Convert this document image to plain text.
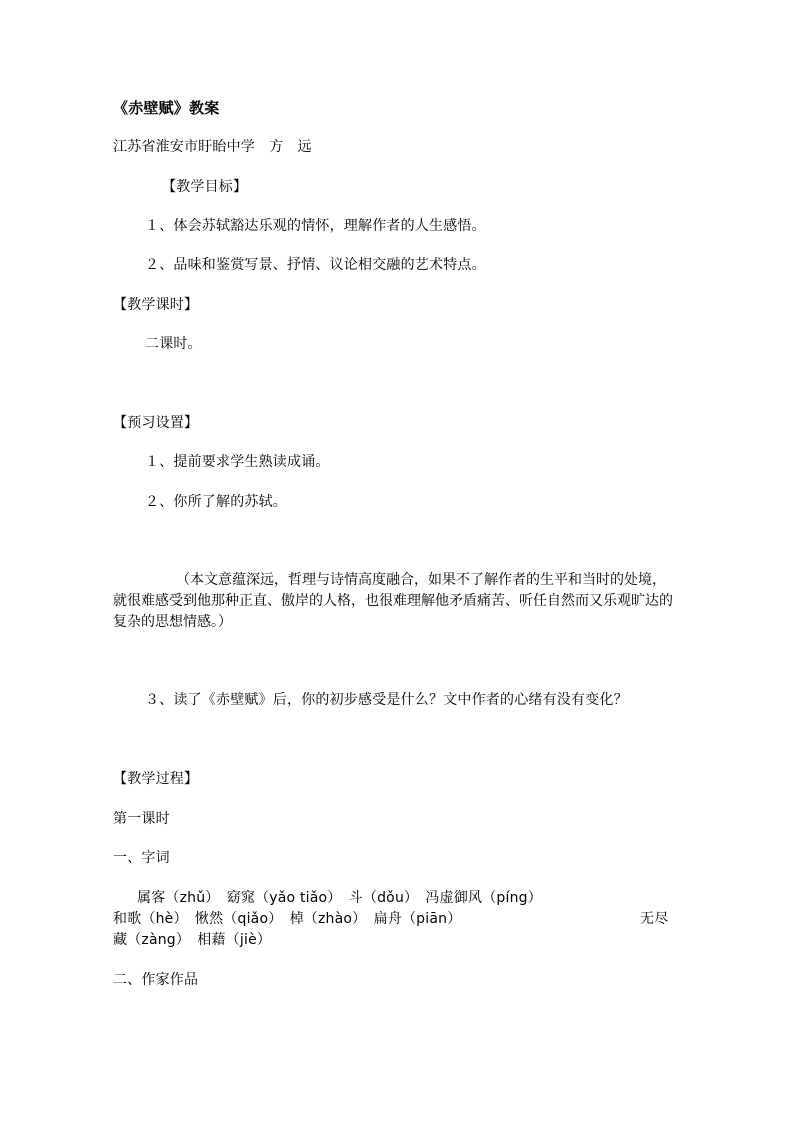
《赤壁赋》教案
江苏省淮安市盱眙中学　方　远
【教学目标】
１、体会苏轼豁达乐观的情怀，理解作者的人生感悟。
２、品味和鉴赏写景、抒情、议论相交融的艺术特点。
【教学课时】
二课时。
【预习设置】
１、提前要求学生熟读成诵。
２、你所了解的苏轼。
（本文意蕴深远，哲理与诗情高度融合，如果不了解作者的生平和当时的处境，就很难感受到他那种正直、傲岸的人格，也很难理解他矛盾痛苦、听任自然而又乐观旷达的复杂的思想情感。）
３、读了《赤壁赋》后，你的初步感受是什么？文中作者的心绪有没有变化？
【教学过程】
第一课时
一、字词
属客（zhǔ）　窈窕（yǎo tiǎo）　斗（dǒu）　冯虚御风（píng）
和歌（hè）　愀然（qiǎo）　棹（zhào）　扁舟（piān）	无尽
藏（zàng）　相藉（jiè）
二、作家作品
